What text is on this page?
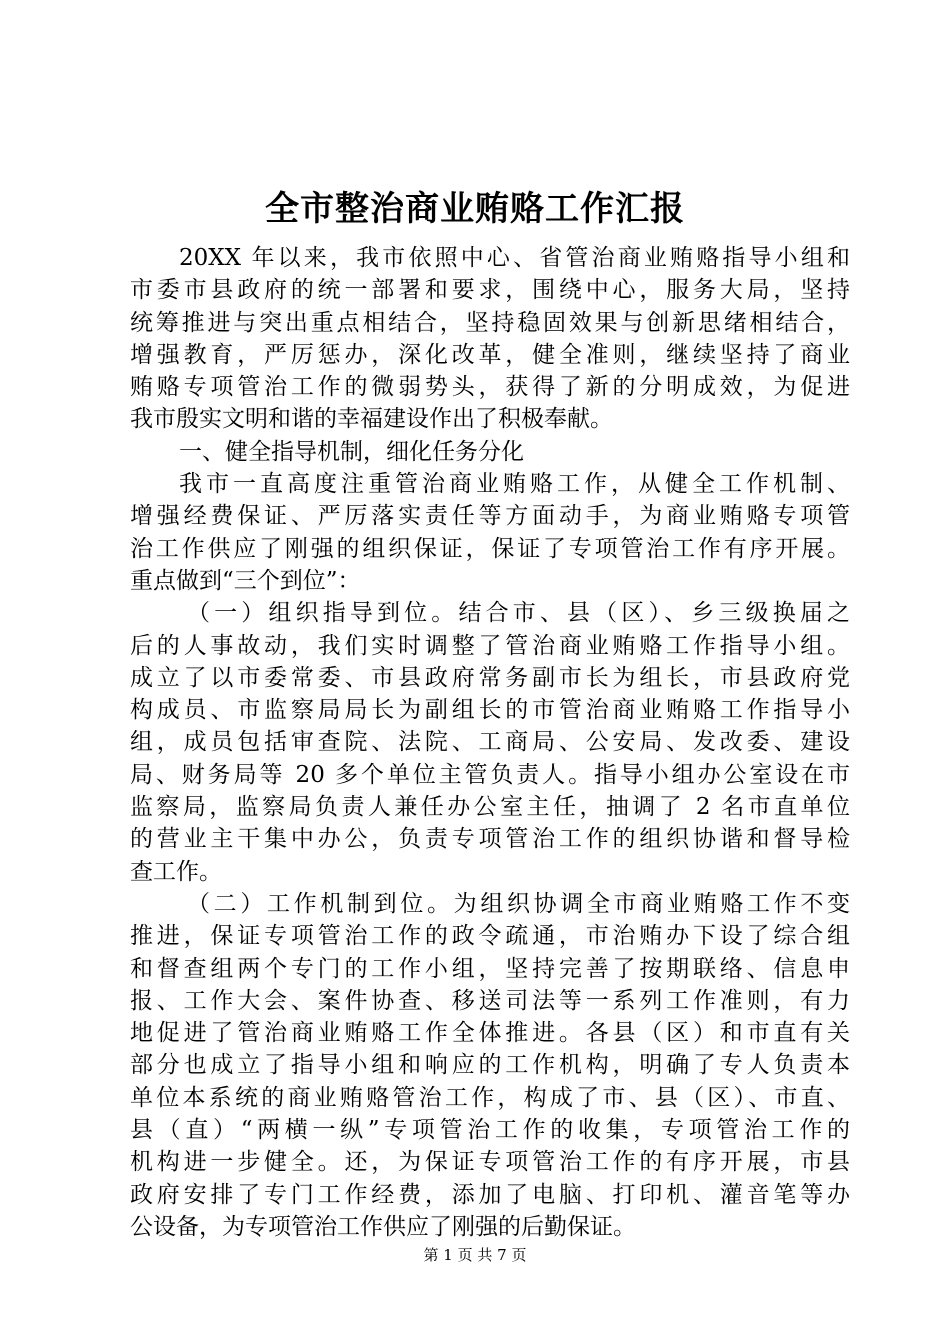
全市整治商业贿赂工作汇报
20XX 年以来，我市依照中心、省管治商业贿赂指导小组和
市委市县政府的统一部署和要求，围绕中心，服务大局，坚持
统筹推进与突出重点相结合，坚持稳固效果与创新思绪相结合，
增强教育，严厉惩办，深化改革，健全准则，继续坚持了商业
贿赂专项管治工作的微弱势头，获得了新的分明成效，为促进
我市殷实文明和谐的幸福建设作出了积极奉献。
一、健全指导机制，细化任务分化
我市一直高度注重管治商业贿赂工作，从健全工作机制、
增强经费保证、严厉落实责任等方面动手，为商业贿赂专项管
治工作供应了刚强的组织保证，保证了专项管治工作有序开展。
重点做到“三个到位”：
（一）组织指导到位。结合市、县（区）、乡三级换届之
后的人事故动，我们实时调整了管治商业贿赂工作指导小组。
成立了以市委常委、市县政府常务副市长为组长，市县政府党
构成员、市监察局局长为副组长的市管治商业贿赂工作指导小
组，成员包括审查院、法院、工商局、公安局、发改委、建设
局、财务局等 20 多个单位主管负责人。指导小组办公室设在市
监察局，监察局负责人兼任办公室主任，抽调了 2 名市直单位
的营业主干集中办公，负责专项管治工作的组织协谐和督导检
查工作。
（二）工作机制到位。为组织协调全市商业贿赂工作不变
推进，保证专项管治工作的政令疏通，市治贿办下设了综合组
和督查组两个专门的工作小组，坚持完善了按期联络、信息申
报、工作大会、案件协查、移送司法等一系列工作准则，有力
地促进了管治商业贿赂工作全体推进。各县（区）和市直有关
部分也成立了指导小组和响应的工作机构，明确了专人负责本
单位本系统的商业贿赂管治工作，构成了市、县（区）、市直、
县（直）“两横一纵”专项管治工作的收集，专项管治工作的
机构进一步健全。还，为保证专项管治工作的有序开展，市县
政府安排了专门工作经费，添加了电脑、打印机、灌音笔等办
公设备，为专项管治工作供应了刚强的后勤保证。
第 1 页 共 7 页
